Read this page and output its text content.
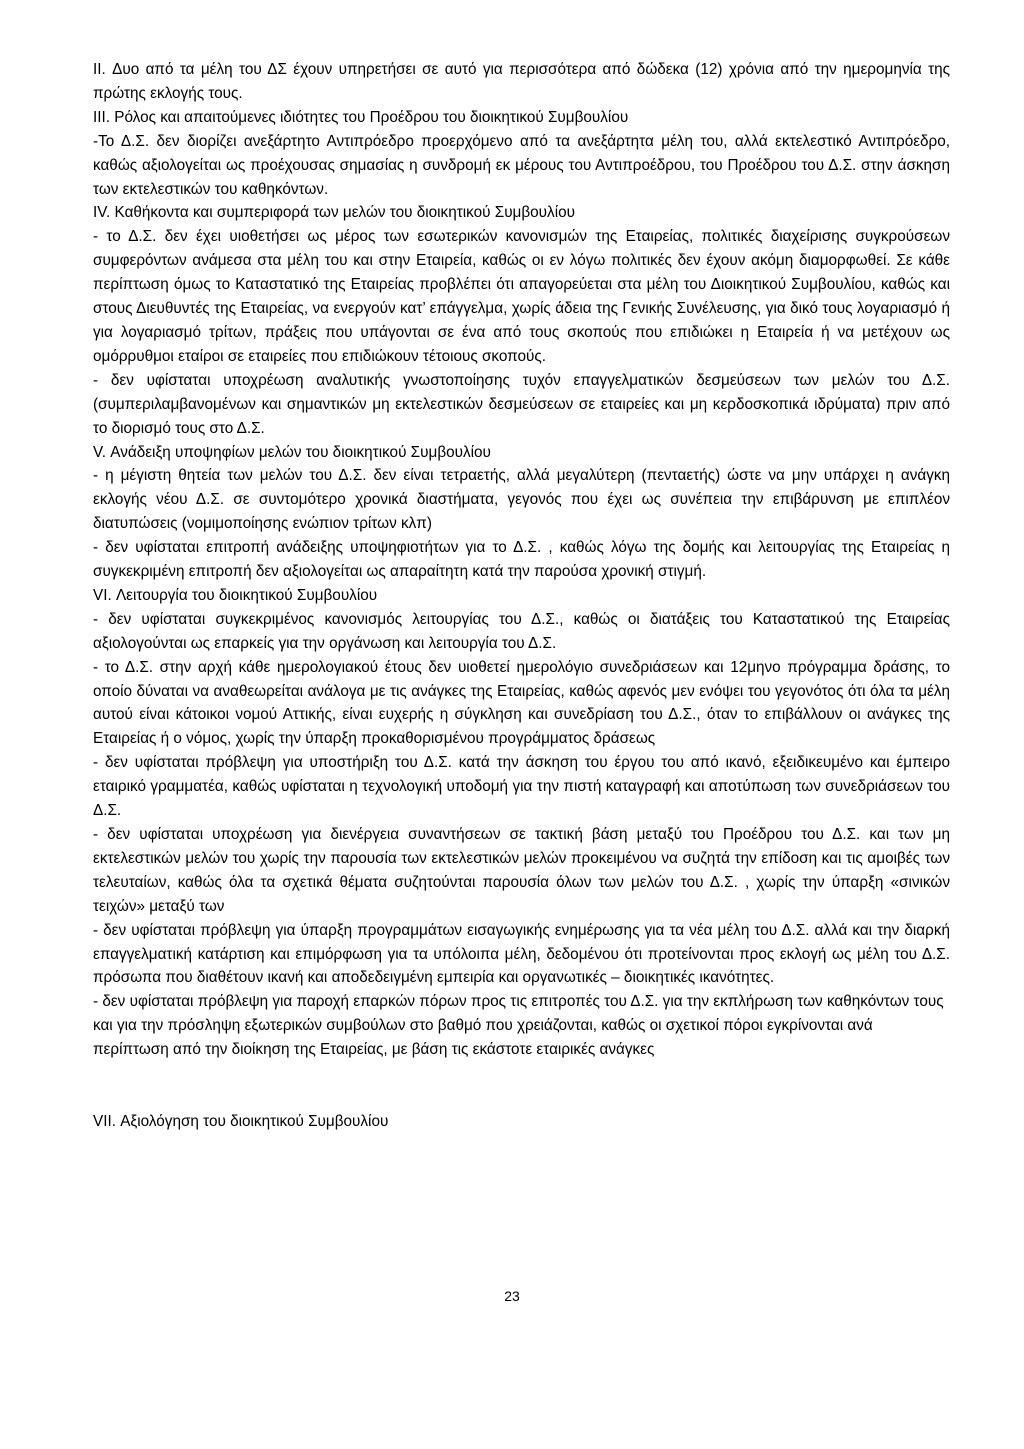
II. Δυο από τα μέλη του ΔΣ έχουν υπηρετήσει σε αυτό για περισσότερα από δώδεκα (12) χρόνια από την ημερομηνία της πρώτης εκλογής τους.

III. Ρόλος και απαιτούμενες ιδιότητες του Προέδρου του διοικητικού Συμβουλίου

-Το Δ.Σ. δεν διορίζει ανεξάρτητο Αντιπρόεδρο προερχόμενο από τα ανεξάρτητα μέλη του, αλλά εκτελεστικό Αντιπρόεδρο, καθώς αξιολογείται ως προέχουσας σημασίας η συνδρομή εκ μέρους του Αντιπροέδρου, του Προέδρου του Δ.Σ. στην άσκηση των εκτελεστικών του καθηκόντων.

IV. Καθήκοντα και συμπεριφορά των μελών του διοικητικού Συμβουλίου

- το Δ.Σ. δεν έχει υιοθετήσει ως μέρος των εσωτερικών κανονισμών της Εταιρείας, πολιτικές διαχείρισης συγκρούσεων συμφερόντων ανάμεσα στα μέλη του και στην Εταιρεία, καθώς οι εν λόγω πολιτικές δεν έχουν ακόμη διαμορφωθεί. Σε κάθε περίπτωση όμως το Καταστατικό της Εταιρείας προβλέπει ότι απαγορεύεται στα μέλη του Διοικητικού Συμβουλίου, καθώς και στους Διευθυντές της Εταιρείας, να ενεργούν κατ’ επάγγελμα, χωρίς άδεια της Γενικής Συνέλευσης, για δικό τους λογαριασμό ή για λογαριασμό τρίτων, πράξεις που υπάγονται σε ένα από τους σκοπούς που επιδιώκει η Εταιρεία ή να μετέχουν ως ομόρρυθμοι εταίροι σε εταιρείες που επιδιώκουν τέτοιους σκοπούς.

- δεν υφίσταται υποχρέωση αναλυτικής γνωστοποίησης τυχόν επαγγελματικών δεσμεύσεων των μελών του Δ.Σ. (συμπεριλαμβανομένων και σημαντικών μη εκτελεστικών δεσμεύσεων σε εταιρείες και μη κερδοσκοπικά ιδρύματα) πριν από το διορισμό τους στο Δ.Σ.

V. Ανάδειξη υποψηφίων μελών του διοικητικού Συμβουλίου

- η μέγιστη θητεία των μελών του Δ.Σ. δεν είναι τετραετής, αλλά μεγαλύτερη (πενταετής) ώστε να μην υπάρχει η ανάγκη εκλογής νέου Δ.Σ. σε συντομότερο χρονικά διαστήματα, γεγονός που έχει ως συνέπεια την επιβάρυνση με επιπλέον διατυπώσεις (νομιμοποίησης ενώπιον τρίτων κλπ)

- δεν υφίσταται επιτροπή ανάδειξης υποψηφιοτήτων για το Δ.Σ. , καθώς λόγω της δομής και λειτουργίας της Εταιρείας η συγκεκριμένη επιτροπή δεν αξιολογείται ως απαραίτητη κατά την παρούσα χρονική στιγμή.

VI. Λειτουργία του διοικητικού Συμβουλίου

- δεν υφίσταται συγκεκριμένος κανονισμός λειτουργίας του Δ.Σ., καθώς οι διατάξεις του Καταστατικού της Εταιρείας αξιολογούνται ως επαρκείς για την οργάνωση και λειτουργία του Δ.Σ.

- το Δ.Σ. στην αρχή κάθε ημερολογιακού έτους δεν υιοθετεί ημερολόγιο συνεδριάσεων και 12μηνο πρόγραμμα δράσης, το οποίο δύναται να αναθεωρείται ανάλογα με τις ανάγκες της Εταιρείας, καθώς αφενός μεν ενόψει του γεγονότος ότι όλα τα μέλη αυτού είναι κάτοικοι νομού Αττικής, είναι ευχερής η σύγκληση και συνεδρίαση του Δ.Σ., όταν το επιβάλλουν οι ανάγκες της Εταιρείας ή ο νόμος, χωρίς την ύπαρξη προκαθορισμένου προγράμματος δράσεως

- δεν υφίσταται πρόβλεψη για υποστήριξη του Δ.Σ. κατά την άσκηση του έργου του από ικανό, εξειδικευμένο και έμπειρο εταιρικό γραμματέα, καθώς υφίσταται η τεχνολογική υποδομή για την πιστή καταγραφή και αποτύπωση των συνεδριάσεων του Δ.Σ.

- δεν υφίσταται υποχρέωση για διενέργεια συναντήσεων σε τακτική βάση μεταξύ του Προέδρου του Δ.Σ. και των μη εκτελεστικών μελών του χωρίς την παρουσία των εκτελεστικών μελών προκειμένου να συζητά την επίδοση και τις αμοιβές των τελευταίων, καθώς όλα τα σχετικά θέματα συζητούνται παρουσία όλων των μελών του Δ.Σ. , χωρίς την ύπαρξη «σινικών τειχών» μεταξύ των

- δεν υφίσταται πρόβλεψη για ύπαρξη προγραμμάτων εισαγωγικής ενημέρωσης για τα νέα μέλη του Δ.Σ. αλλά και την διαρκή επαγγελματική κατάρτιση και επιμόρφωση για τα υπόλοιπα μέλη, δεδομένου ότι προτείνονται προς εκλογή ως μέλη του Δ.Σ. πρόσωπα που διαθέτουν ικανή και αποδεδειγμένη εμπειρία και οργανωτικές – διοικητικές ικανότητες.

- δεν υφίσταται πρόβλεψη για παροχή επαρκών πόρων προς τις επιτροπές του Δ.Σ. για την εκπλήρωση των καθηκόντων τους και για την πρόσληψη εξωτερικών συμβούλων στο βαθμό που χρειάζονται, καθώς οι σχετικοί πόροι εγκρίνονται ανά περίπτωση από την διοίκηση της Εταιρείας, με βάση τις εκάστοτε εταιρικές ανάγκες

VII. Αξιολόγηση του διοικητικού Συμβουλίου

23
